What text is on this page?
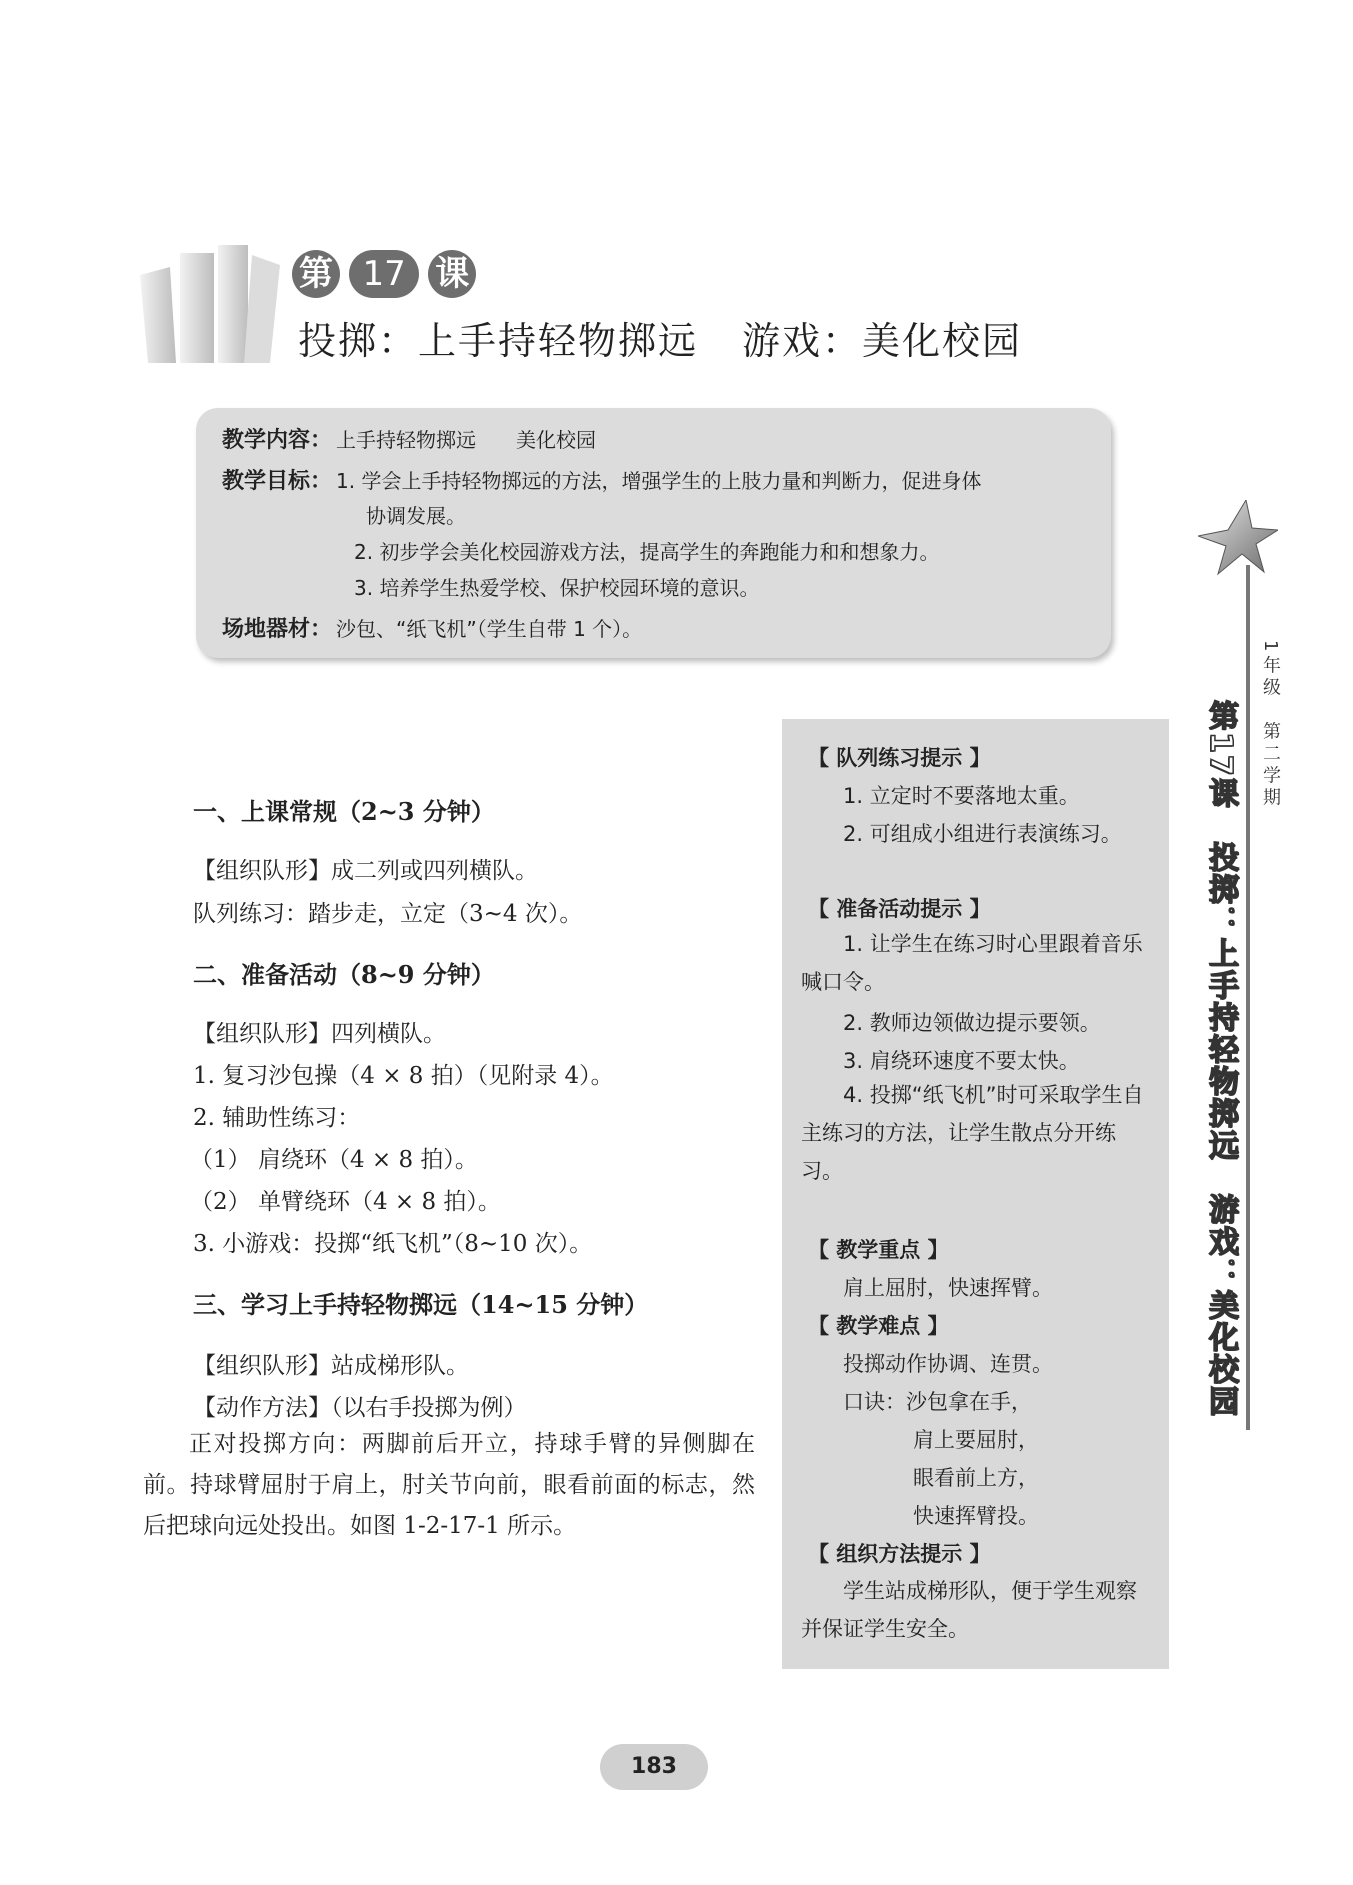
第 17 课
投掷：上手持轻物掷远 游戏：美化校园
教学内容： 上手持轻物掷远　　美化校园
教学目标： 1. 学会上手持轻物掷远的方法，增强学生的上肢力量和判断力，促进身体
协调发展。
2. 初步学会美化校园游戏方法，提高学生的奔跑能力和和想象力。
3. 培养学生热爱学校、保护校园环境的意识。
场地器材： 沙包、“纸飞机”（学生自带 1 个）。
1年级　第二学期
第17课　投掷：上手持轻物掷远　游戏：美化校园
一、上课常规（2~3 分钟）
【组织队形】成二列或四列横队。
队列练习：踏步走，立定（3~4 次）。
二、准备活动（8~9 分钟）
【组织队形】四列横队。
1. 复习沙包操（4 × 8 拍）（见附录 4）。
2. 辅助性练习：
（1） 肩绕环（4 × 8 拍）。
（2） 单臂绕环（4 × 8 拍）。
3. 小游戏：投掷“纸飞机”（8~10 次）。
三、学习上手持轻物掷远（14~15 分钟）
【组织队形】站成梯形队。
【动作方法】（以右手投掷为例）
正对投掷方向：两脚前后开立，持球手臂的异侧脚在前。持球臂屈肘于肩上，肘关节向前，眼看前面的标志，然后把球向远处投出。如图 1-2-17-1 所示。
【 队列练习提示 】
1. 立定时不要落地太重。
2. 可组成小组进行表演练习。
【 准备活动提示 】
1. 让学生在练习时心里跟着音乐喊口令。
2. 教师边领做边提示要领。
3. 肩绕环速度不要太快。
4. 投掷“纸飞机”时可采取学生自主练习的方法，让学生散点分开练习。
【 教学重点 】
肩上屈肘，快速挥臂。
【 教学难点 】
投掷动作协调、连贯。
口诀：沙包拿在手，
肩上要屈肘，
眼看前上方，
快速挥臂投。
【 组织方法提示 】
学生站成梯形队，便于学生观察并保证学生安全。
183
